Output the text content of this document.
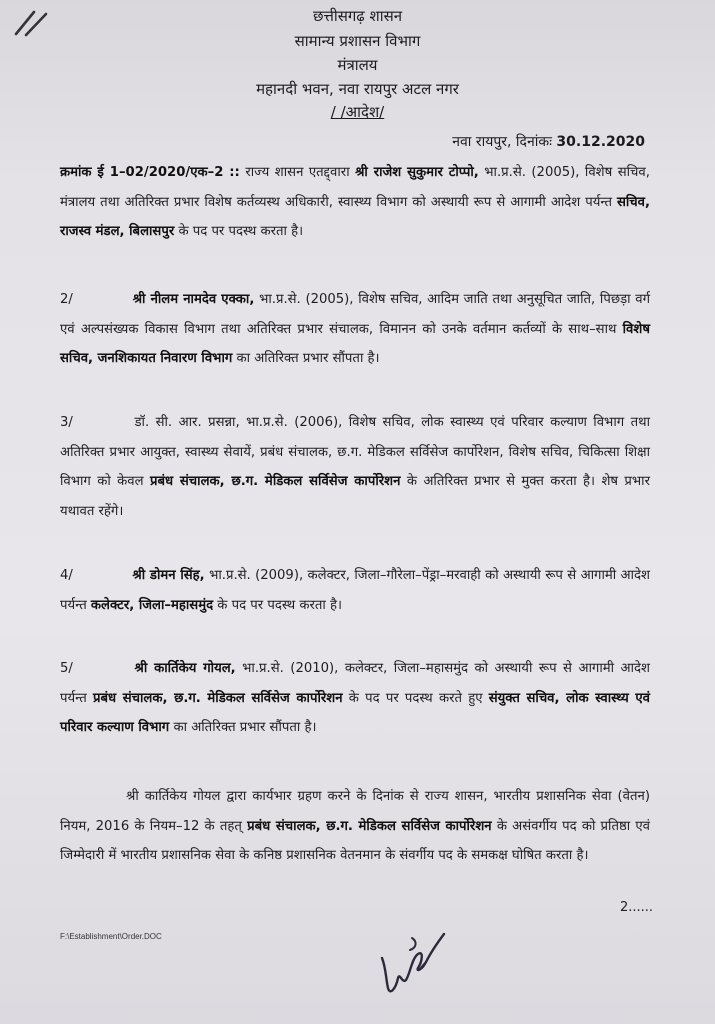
छत्तीसगढ़ शासन
सामान्य प्रशासन विभाग
मंत्रालय
महानदी भवन, नवा रायपुर अटल नगर
/ /आदेश/
नवा रायपुर, दिनांकः 30.12.2020
क्रमांक ई 1–02/2020/एक–2 :: राज्य शासन एतद्द्वारा श्री राजेश सुकुमार टोप्पो, भा.प्र.से. (2005), विशेष सचिव, मंत्रालय तथा अतिरिक्त प्रभार विशेष कर्तव्यस्थ अधिकारी, स्वास्थ्य विभाग को अस्थायी रूप से आगामी आदेश पर्यन्त सचिव, राजस्व मंडल, बिलासपुर के पद पर पदस्थ करता है।
2/	श्री नीलम नामदेव एक्का, भा.प्र.से. (2005), विशेष सचिव, आदिम जाति तथा अनुसूचित जाति, पिछड़ा वर्ग एवं अल्पसंख्यक विकास विभाग तथा अतिरिक्त प्रभार संचालक, विमानन को उनके वर्तमान कर्तव्यों के साथ–साथ विशेष सचिव, जनशिकायत निवारण विभाग का अतिरिक्त प्रभार सौंपता है।
3/	डॉ. सी. आर. प्रसन्ना, भा.प्र.से. (2006), विशेष सचिव, लोक स्वास्थ्य एवं परिवार कल्याण विभाग तथा अतिरिक्त प्रभार आयुक्त, स्वास्थ्य सेवायें, प्रबंध संचालक, छ.ग. मेडिकल सर्विसेज कार्पोरेशन, विशेष सचिव, चिकित्सा शिक्षा विभाग को केवल प्रबंध संचालक, छ.ग. मेडिकल सर्विसेज कार्पोरेशन के अतिरिक्त प्रभार से मुक्त करता है। शेष प्रभार यथावत रहेंगे।
4/	श्री डोमन सिंह, भा.प्र.से. (2009), कलेक्टर, जिला–गौरेला–पेंड्रा–मरवाही को अस्थायी रूप से आगामी आदेश पर्यन्त कलेक्टर, जिला–महासमुंद के पद पर पदस्थ करता है।
5/	श्री कार्तिकेय गोयल, भा.प्र.से. (2010), कलेक्टर, जिला–महासमुंद को अस्थायी रूप से आगामी आदेश पर्यन्त प्रबंध संचालक, छ.ग. मेडिकल सर्विसेज कार्पोरेशन के पद पर पदस्थ करते हुए संयुक्त सचिव, लोक स्वास्थ्य एवं परिवार कल्याण विभाग का अतिरिक्त प्रभार सौंपता है।
श्री कार्तिकेय गोयल द्वारा कार्यभार ग्रहण करने के दिनांक से राज्य शासन, भारतीय प्रशासनिक सेवा (वेतन) नियम, 2016 के नियम–12 के तहत् प्रबंध संचालक, छ.ग. मेडिकल सर्विसेज कार्पोरेशन के असंवर्गीय पद को प्रतिष्ठा एवं जिम्मेदारी में भारतीय प्रशासनिक सेवा के कनिष्ठ प्रशासनिक वेतनमान के संवर्गीय पद के समकक्ष घोषित करता है।
2......
F:\Establishment\Order.DOC
